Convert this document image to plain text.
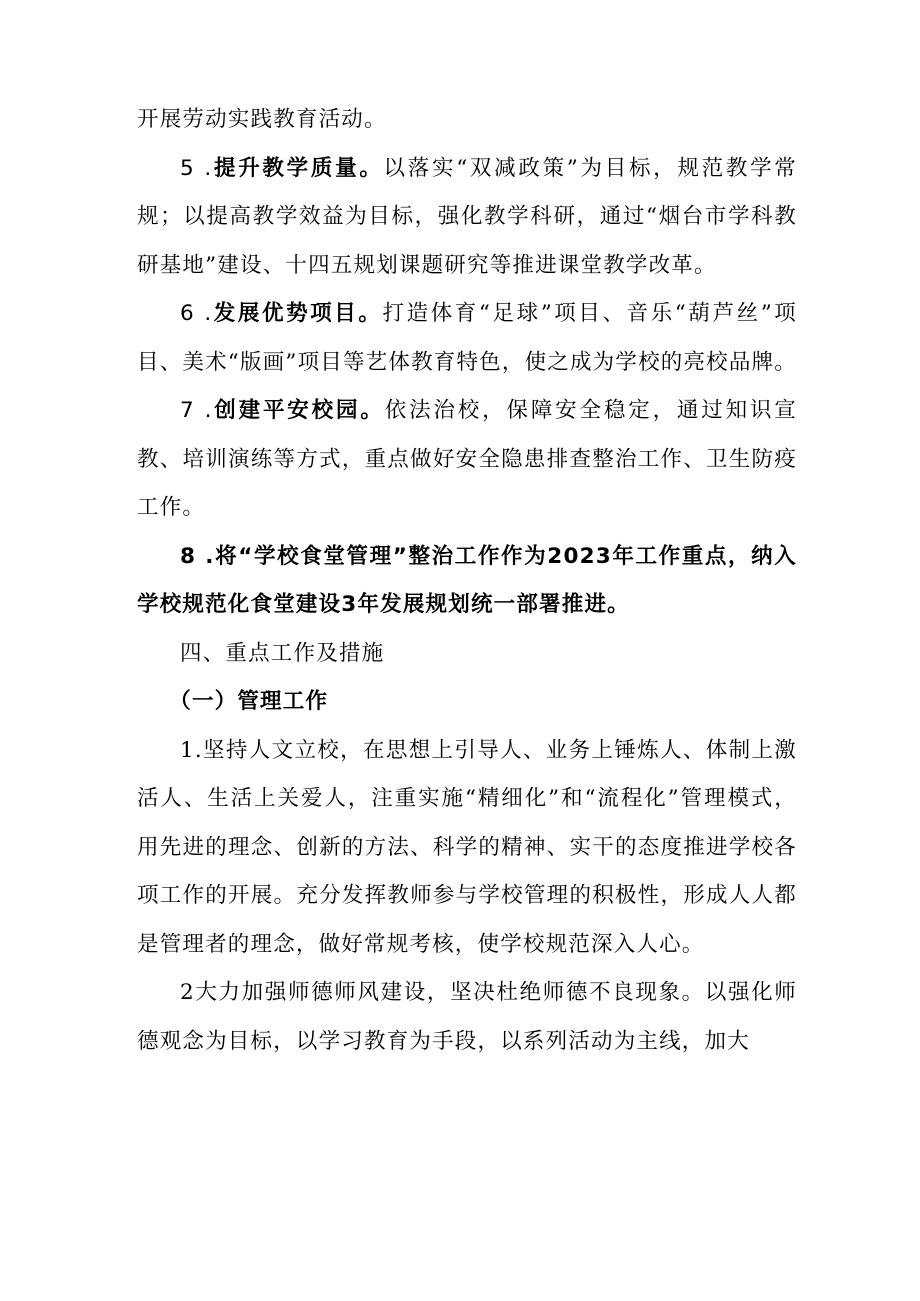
开展劳动实践教育活动。

5 .提升教学质量。以落实“双减政策”为目标，规范教学常规；以提高教学效益为目标，强化教学科研，通过“烟台市学科教研基地”建设、十四五规划课题研究等推进课堂教学改革。

6 .发展优势项目。打造体育“足球”项目、音乐“葫芦丝”项目、美术“版画”项目等艺体教育特色，使之成为学校的亮校品牌。

7 .创建平安校园。依法治校，保障安全稳定，通过知识宣教、培训演练等方式，重点做好安全隐患排查整治工作、卫生防疫工作。

8 .将“学校食堂管理”整治工作作为2023年工作重点，纳入学校规范化食堂建设3年发展规划统一部署推进。

四、重点工作及措施

（一）管理工作

1.坚持人文立校，在思想上引导人、业务上锤炼人、体制上激活人、生活上关爱人，注重实施“精细化”和“流程化”管理模式，用先进的理念、创新的方法、科学的精神、实干的态度推进学校各项工作的开展。充分发挥教师参与学校管理的积极性，形成人人都是管理者的理念，做好常规考核，使学校规范深入人心。

2大力加强师德师风建设，坚决杜绝师德不良现象。以强化师德观念为目标，以学习教育为手段，以系列活动为主线，加大
